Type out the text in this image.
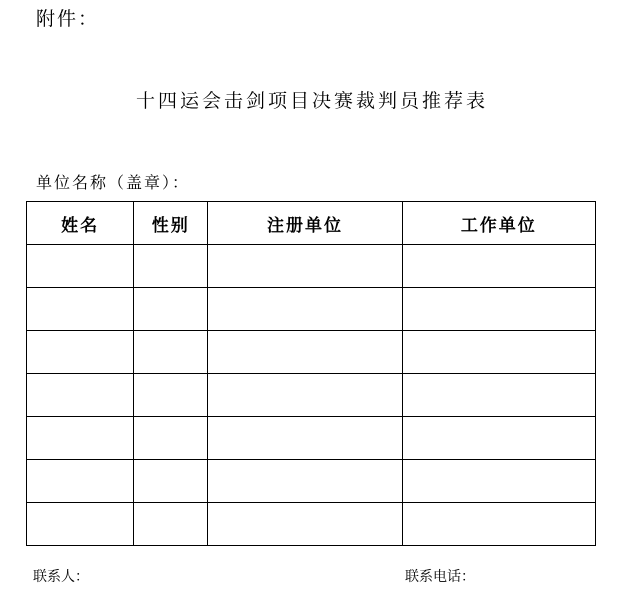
附件：
十四运会击剑项目决赛裁判员推荐表
单位名称（盖章）：
姓名	性别	注册单位	工作单位

联系人：	联系电话：
